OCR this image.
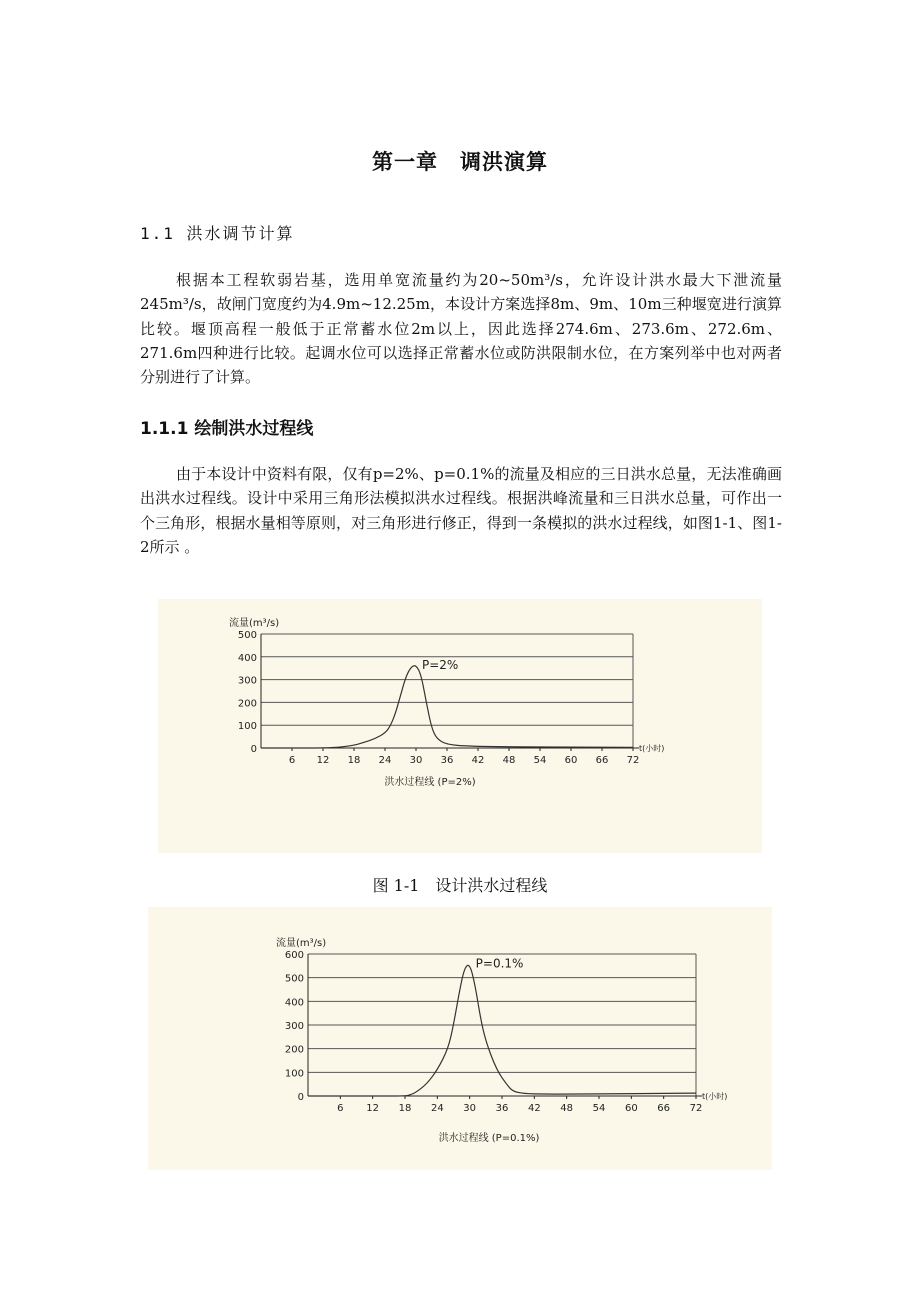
第一章　调洪演算
1.1 洪水调节计算

根据本工程软弱岩基，选用单宽流量约为20~50m³/s，允许设计洪水最大下泄流量245m³/s，故闸门宽度约为4.9m~12.25m，本设计方案选择8m、9m、10m三种堰宽进行演算比较。堰顶高程一般低于正常蓄水位2m以上，因此选择274.6m、273.6m、272.6m、271.6m四种进行比较。起调水位可以选择正常蓄水位或防洪限制水位，在方案列举中也对两者分别进行了计算。

1.1.1 绘制洪水过程线

由于本设计中资料有限，仅有p=2%、p=0.1%的流量及相应的三日洪水总量，无法准确画出洪水过程线。设计中采用三角形法模拟洪水过程线。根据洪峰流量和三日洪水总量，可作出一个三角形，根据水量相等原则，对三角形进行修正，得到一条模拟的洪水过程线，如图1-1、图1-2所示 。

0
100
200
300
400
500
6 12 18 24 30 36 42 48 54 60 66 72
流量(m³/s)
t(小时)
P=2%
洪水过程线 (P=2%)
图 1-1　设计洪水过程线
0
100
200
300
400
500
600
6 12 18 24 30 36 42 48 54 60 66 72
流量(m³/s)
t(小时)
P=0.1%
洪水过程线 (P=0.1%)
